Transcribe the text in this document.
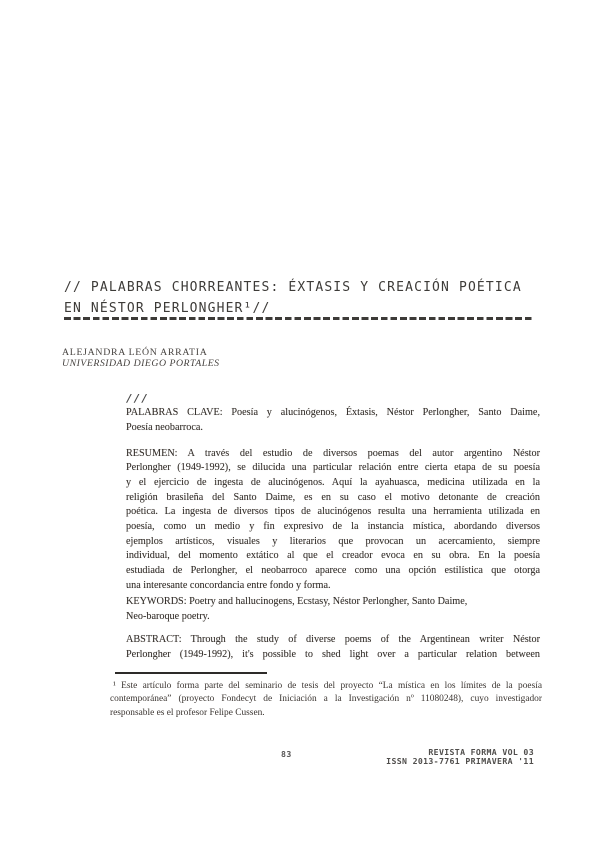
// PALABRAS CHORREANTES: ÉXTASIS Y CREACIÓN POÉTICA
EN NÉSTOR PERLONGHER¹//
ALEJANDRA LEÓN ARRATIA
UNIVERSIDAD DIEGO PORTALES
///
PALABRAS CLAVE: Poesía y alucinógenos, Éxtasis, Néstor Perlongher, Santo Daime,
Poesía neobarroca.
RESUMEN: A través del estudio de diversos poemas del autor argentino Néstor
Perlongher (1949-1992), se dilucida una particular relación entre cierta etapa de su poesía
y el ejercicio de ingesta de alucinógenos. Aquí la ayahuasca, medicina utilizada en la
religión brasileña del Santo Daime, es en su caso el motivo detonante de creación
poética. La ingesta de diversos tipos de alucinógenos resulta una herramienta utilizada en
poesía, como un medio y fin expresivo de la instancia mística, abordando diversos
ejemplos artísticos, visuales y literarios que provocan un acercamiento, siempre
individual, del momento extático al que el creador evoca en su obra. En la poesía
estudiada de Perlongher, el neobarroco aparece como una opción estilística que otorga
una interesante concordancia entre fondo y forma.
KEYWORDS: Poetry and hallucinogens, Ecstasy, Néstor Perlongher, Santo Daime,
Neo-baroque poetry.
ABSTRACT: Through the study of diverse poems of the Argentinean writer Néstor
Perlongher (1949-1992), it's possible to shed light over a particular relation between
¹ Este artículo forma parte del seminario de tesis del proyecto “La mística en los límites de la poesía
contemporánea” (proyecto Fondecyt de Iniciación a la Investigación nº 11080248), cuyo investigador
responsable es el profesor Felipe Cussen.
83	REVISTA FORMA VOL 03
ISSN 2013-7761 PRIMAVERA '11
